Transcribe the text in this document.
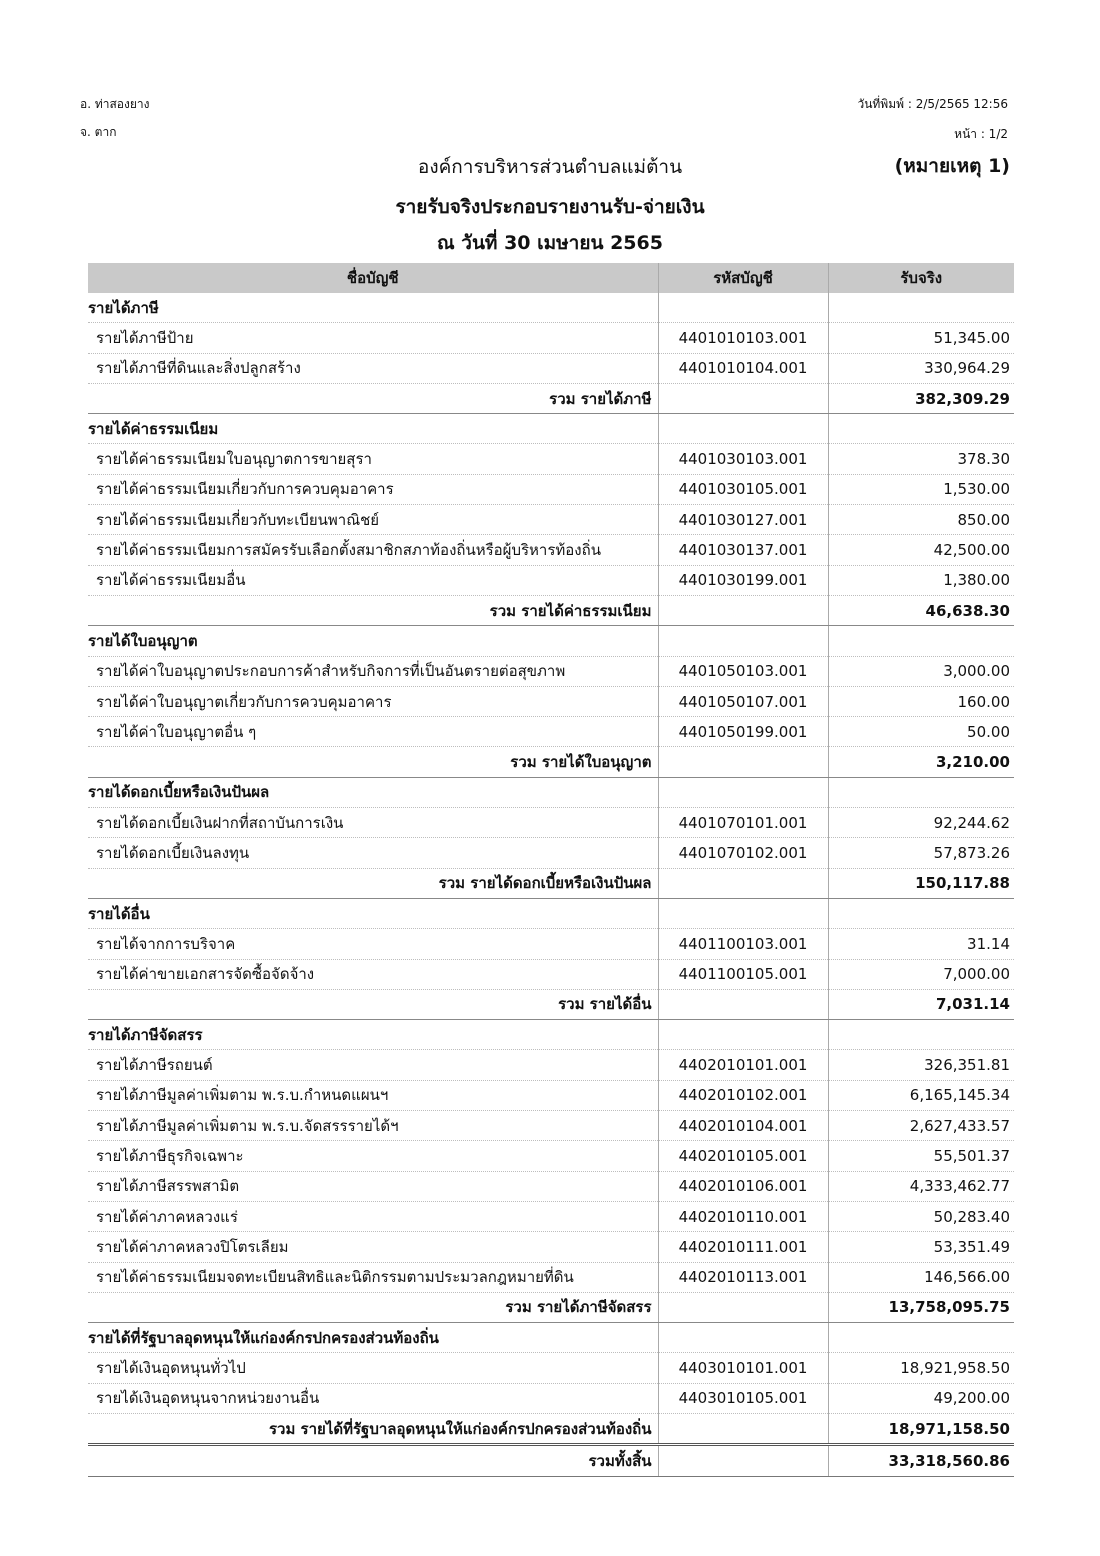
อ. ท่าสองยาง
จ. ตาก
วันที่พิมพ์ : 2/5/2565 12:56
หน้า : 1/2
องค์การบริหารส่วนตำบลแม่ต้าน	(หมายเหตุ 1)
รายรับจริงประกอบรายงานรับ-จ่ายเงิน
ณ วันที่ 30 เมษายน 2565
ชื่อบัญชี	รหัสบัญชี	รับจริง
รายได้ภาษี		
รายได้ภาษีป้าย	4401010103.001	51,345.00
รายได้ภาษีที่ดินและสิ่งปลูกสร้าง	4401010104.001	330,964.29
รวม รายได้ภาษี		382,309.29
รายได้ค่าธรรมเนียม		
รายได้ค่าธรรมเนียมใบอนุญาตการขายสุรา	4401030103.001	378.30
รายได้ค่าธรรมเนียมเกี่ยวกับการควบคุมอาคาร	4401030105.001	1,530.00
รายได้ค่าธรรมเนียมเกี่ยวกับทะเบียนพาณิชย์	4401030127.001	850.00
รายได้ค่าธรรมเนียมการสมัครรับเลือกตั้งสมาชิกสภาท้องถิ่นหรือผู้บริหารท้องถิ่น	4401030137.001	42,500.00
รายได้ค่าธรรมเนียมอื่น	4401030199.001	1,380.00
รวม รายได้ค่าธรรมเนียม		46,638.30
รายได้ใบอนุญาต		
รายได้ค่าใบอนุญาตประกอบการค้าสำหรับกิจการที่เป็นอันตรายต่อสุขภาพ	4401050103.001	3,000.00
รายได้ค่าใบอนุญาตเกี่ยวกับการควบคุมอาคาร	4401050107.001	160.00
รายได้ค่าใบอนุญาตอื่น ๆ	4401050199.001	50.00
รวม รายได้ใบอนุญาต		3,210.00
รายได้ดอกเบี้ยหรือเงินปันผล		
รายได้ดอกเบี้ยเงินฝากที่สถาบันการเงิน	4401070101.001	92,244.62
รายได้ดอกเบี้ยเงินลงทุน	4401070102.001	57,873.26
รวม รายได้ดอกเบี้ยหรือเงินปันผล		150,117.88
รายได้อื่น		
รายได้จากการบริจาค	4401100103.001	31.14
รายได้ค่าขายเอกสารจัดซื้อจัดจ้าง	4401100105.001	7,000.00
รวม รายได้อื่น		7,031.14
รายได้ภาษีจัดสรร		
รายได้ภาษีรถยนต์	4402010101.001	326,351.81
รายได้ภาษีมูลค่าเพิ่มตาม พ.ร.บ.กำหนดแผนฯ	4402010102.001	6,165,145.34
รายได้ภาษีมูลค่าเพิ่มตาม พ.ร.บ.จัดสรรรายได้ฯ	4402010104.001	2,627,433.57
รายได้ภาษีธุรกิจเฉพาะ	4402010105.001	55,501.37
รายได้ภาษีสรรพสามิต	4402010106.001	4,333,462.77
รายได้ค่าภาคหลวงแร่	4402010110.001	50,283.40
รายได้ค่าภาคหลวงปิโตรเลียม	4402010111.001	53,351.49
รายได้ค่าธรรมเนียมจดทะเบียนสิทธิและนิติกรรมตามประมวลกฎหมายที่ดิน	4402010113.001	146,566.00
รวม รายได้ภาษีจัดสรร		13,758,095.75
รายได้ที่รัฐบาลอุดหนุนให้แก่องค์กรปกครองส่วนท้องถิ่น		
รายได้เงินอุดหนุนทั่วไป	4403010101.001	18,921,958.50
รายได้เงินอุดหนุนจากหน่วยงานอื่น	4403010105.001	49,200.00
รวม รายได้ที่รัฐบาลอุดหนุนให้แก่องค์กรปกครองส่วนท้องถิ่น		18,971,158.50
รวมทั้งสิ้น		33,318,560.86
